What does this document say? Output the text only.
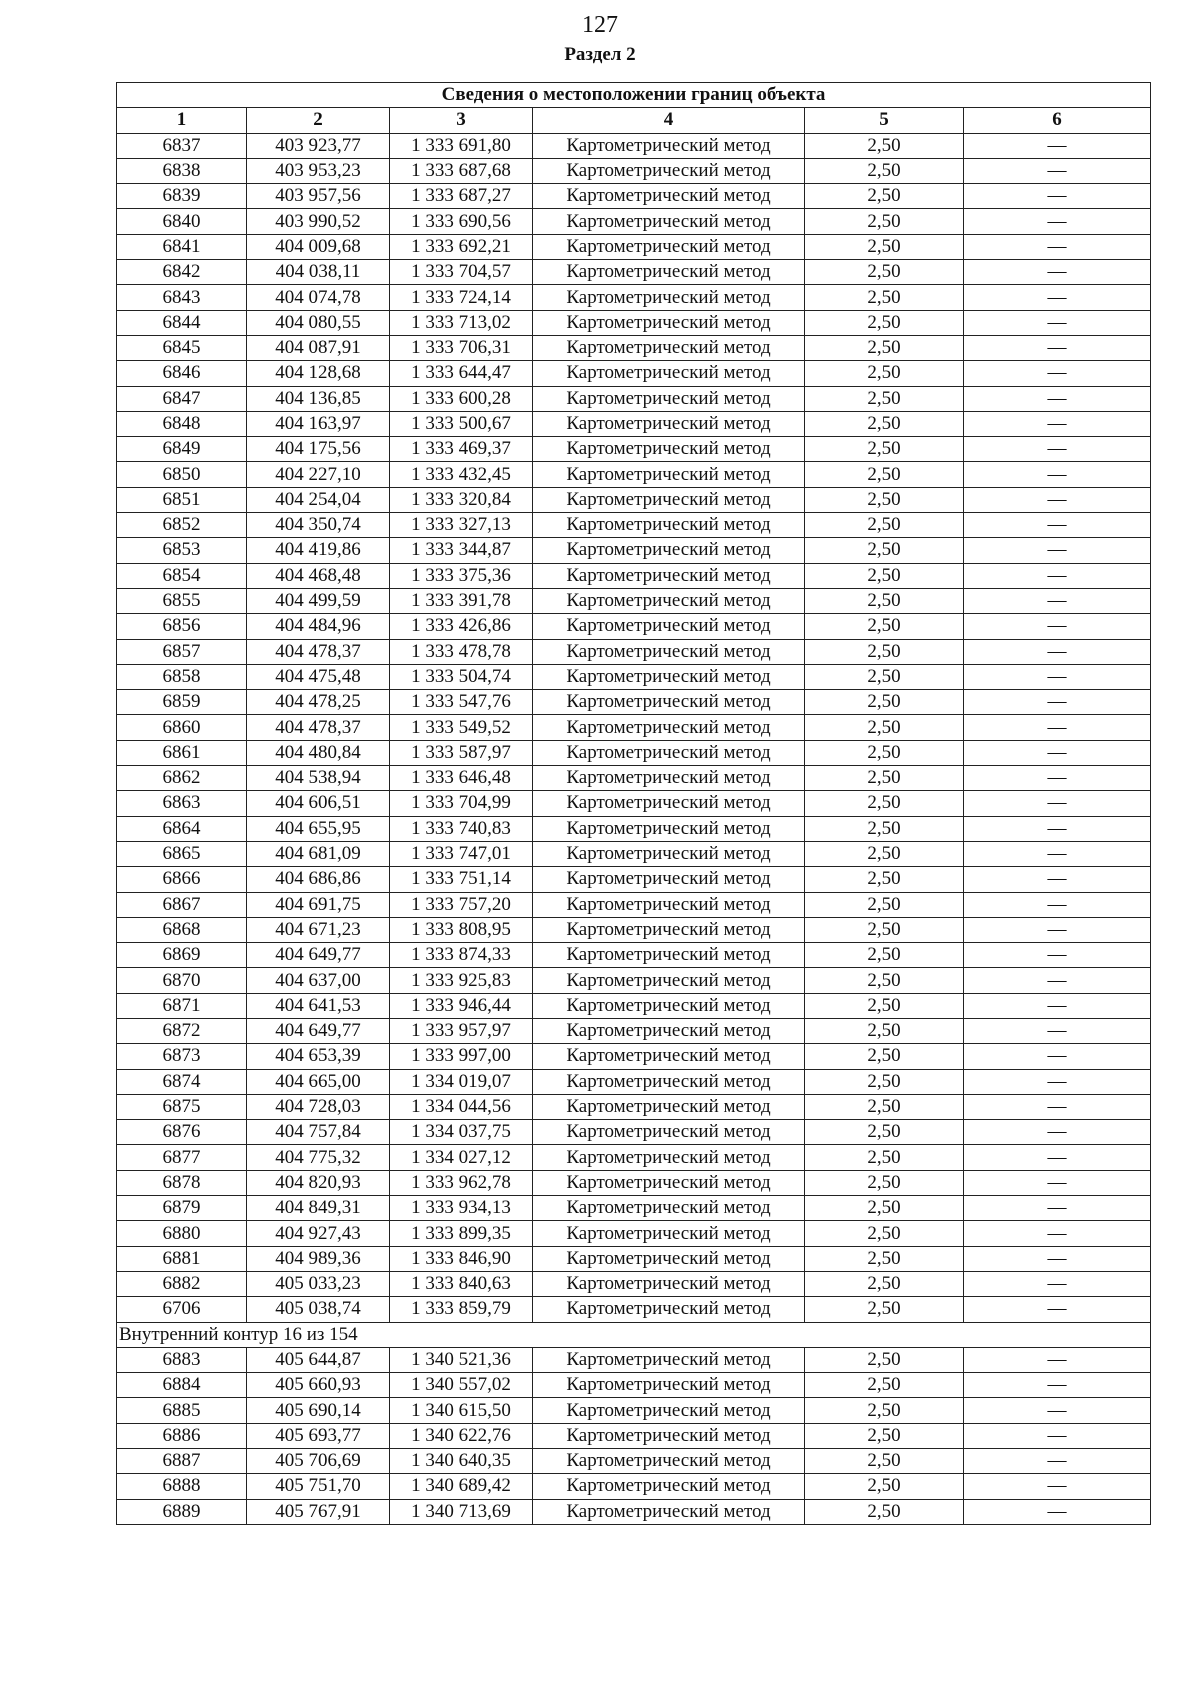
127
Раздел 2
Сведения о местоположении границ объекта					
1	2	3	4	5	6
6837	403 923,77	1 333 691,80	Картометрический метод	2,50	—
6838	403 953,23	1 333 687,68	Картометрический метод	2,50	—
6839	403 957,56	1 333 687,27	Картометрический метод	2,50	—
6840	403 990,52	1 333 690,56	Картометрический метод	2,50	—
6841	404 009,68	1 333 692,21	Картометрический метод	2,50	—
6842	404 038,11	1 333 704,57	Картометрический метод	2,50	—
6843	404 074,78	1 333 724,14	Картометрический метод	2,50	—
6844	404 080,55	1 333 713,02	Картометрический метод	2,50	—
6845	404 087,91	1 333 706,31	Картометрический метод	2,50	—
6846	404 128,68	1 333 644,47	Картометрический метод	2,50	—
6847	404 136,85	1 333 600,28	Картометрический метод	2,50	—
6848	404 163,97	1 333 500,67	Картометрический метод	2,50	—
6849	404 175,56	1 333 469,37	Картометрический метод	2,50	—
6850	404 227,10	1 333 432,45	Картометрический метод	2,50	—
6851	404 254,04	1 333 320,84	Картометрический метод	2,50	—
6852	404 350,74	1 333 327,13	Картометрический метод	2,50	—
6853	404 419,86	1 333 344,87	Картометрический метод	2,50	—
6854	404 468,48	1 333 375,36	Картометрический метод	2,50	—
6855	404 499,59	1 333 391,78	Картометрический метод	2,50	—
6856	404 484,96	1 333 426,86	Картометрический метод	2,50	—
6857	404 478,37	1 333 478,78	Картометрический метод	2,50	—
6858	404 475,48	1 333 504,74	Картометрический метод	2,50	—
6859	404 478,25	1 333 547,76	Картометрический метод	2,50	—
6860	404 478,37	1 333 549,52	Картометрический метод	2,50	—
6861	404 480,84	1 333 587,97	Картометрический метод	2,50	—
6862	404 538,94	1 333 646,48	Картометрический метод	2,50	—
6863	404 606,51	1 333 704,99	Картометрический метод	2,50	—
6864	404 655,95	1 333 740,83	Картометрический метод	2,50	—
6865	404 681,09	1 333 747,01	Картометрический метод	2,50	—
6866	404 686,86	1 333 751,14	Картометрический метод	2,50	—
6867	404 691,75	1 333 757,20	Картометрический метод	2,50	—
6868	404 671,23	1 333 808,95	Картометрический метод	2,50	—
6869	404 649,77	1 333 874,33	Картометрический метод	2,50	—
6870	404 637,00	1 333 925,83	Картометрический метод	2,50	—
6871	404 641,53	1 333 946,44	Картометрический метод	2,50	—
6872	404 649,77	1 333 957,97	Картометрический метод	2,50	—
6873	404 653,39	1 333 997,00	Картометрический метод	2,50	—
6874	404 665,00	1 334 019,07	Картометрический метод	2,50	—
6875	404 728,03	1 334 044,56	Картометрический метод	2,50	—
6876	404 757,84	1 334 037,75	Картометрический метод	2,50	—
6877	404 775,32	1 334 027,12	Картометрический метод	2,50	—
6878	404 820,93	1 333 962,78	Картометрический метод	2,50	—
6879	404 849,31	1 333 934,13	Картометрический метод	2,50	—
6880	404 927,43	1 333 899,35	Картометрический метод	2,50	—
6881	404 989,36	1 333 846,90	Картометрический метод	2,50	—
6882	405 033,23	1 333 840,63	Картометрический метод	2,50	—
6706	405 038,74	1 333 859,79	Картометрический метод	2,50	—
Внутренний контур 16 из 154					
6883	405 644,87	1 340 521,36	Картометрический метод	2,50	—
6884	405 660,93	1 340 557,02	Картометрический метод	2,50	—
6885	405 690,14	1 340 615,50	Картометрический метод	2,50	—
6886	405 693,77	1 340 622,76	Картометрический метод	2,50	—
6887	405 706,69	1 340 640,35	Картометрический метод	2,50	—
6888	405 751,70	1 340 689,42	Картометрический метод	2,50	—
6889	405 767,91	1 340 713,69	Картометрический метод	2,50	—
